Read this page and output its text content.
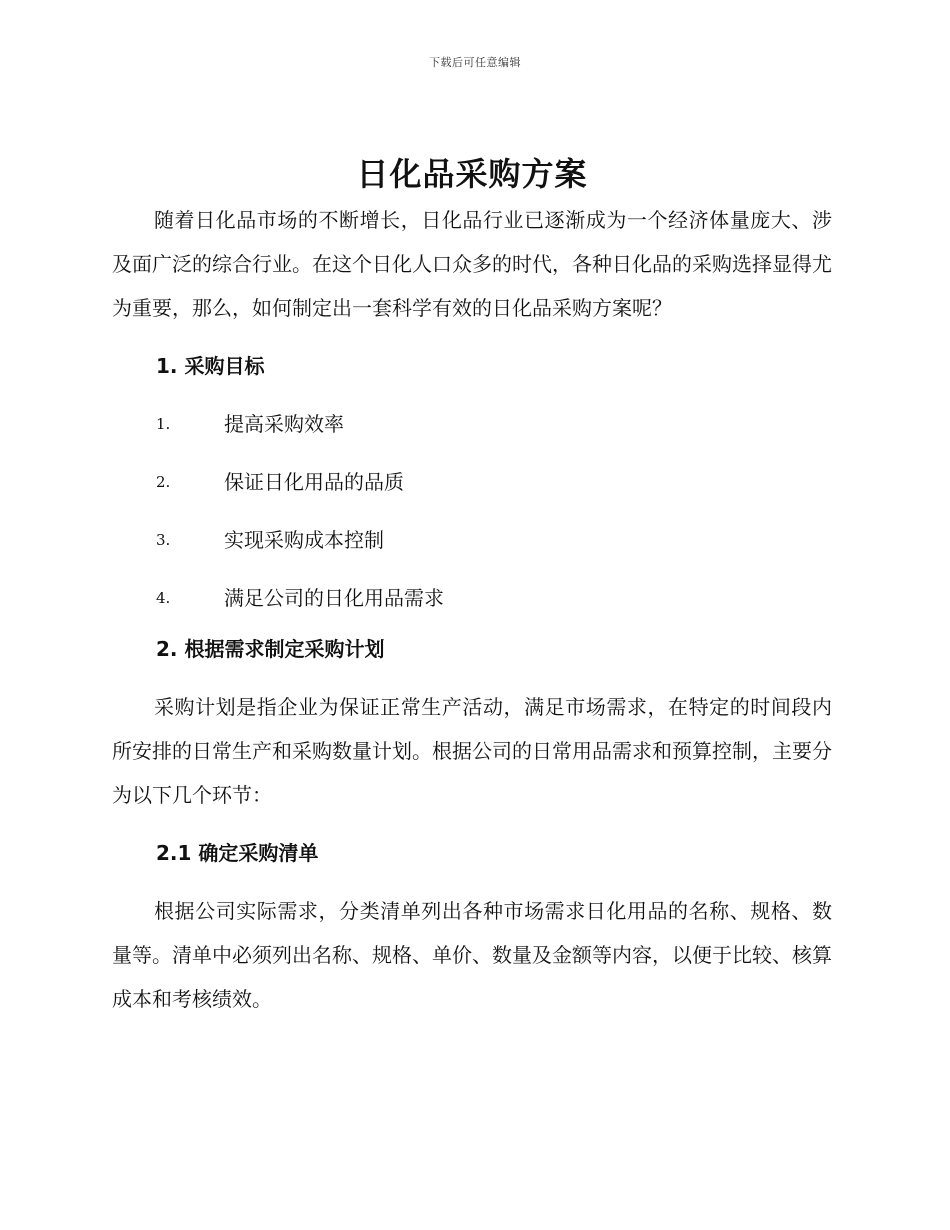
下载后可任意编辑
日化品采购方案

随着日化品市场的不断增长，日化品行业已逐渐成为一个经济体量庞大、涉及面广泛的综合行业。在这个日化人口众多的时代，各种日化品的采购选择显得尤为重要，那么，如何制定出一套科学有效的日化品采购方案呢？

1. 采购目标
1.	提高采购效率
2.	保证日化用品的品质
3.	实现采购成本控制
4.	满足公司的日化用品需求
2. 根据需求制定采购计划

采购计划是指企业为保证正常生产活动，满足市场需求，在特定的时间段内所安排的日常生产和采购数量计划。根据公司的日常用品需求和预算控制，主要分为以下几个环节：

2.1 确定采购清单

根据公司实际需求，分类清单列出各种市场需求日化用品的名称、规格、数量等。清单中必须列出名称、规格、单价、数量及金额等内容，以便于比较、核算成本和考核绩效。
